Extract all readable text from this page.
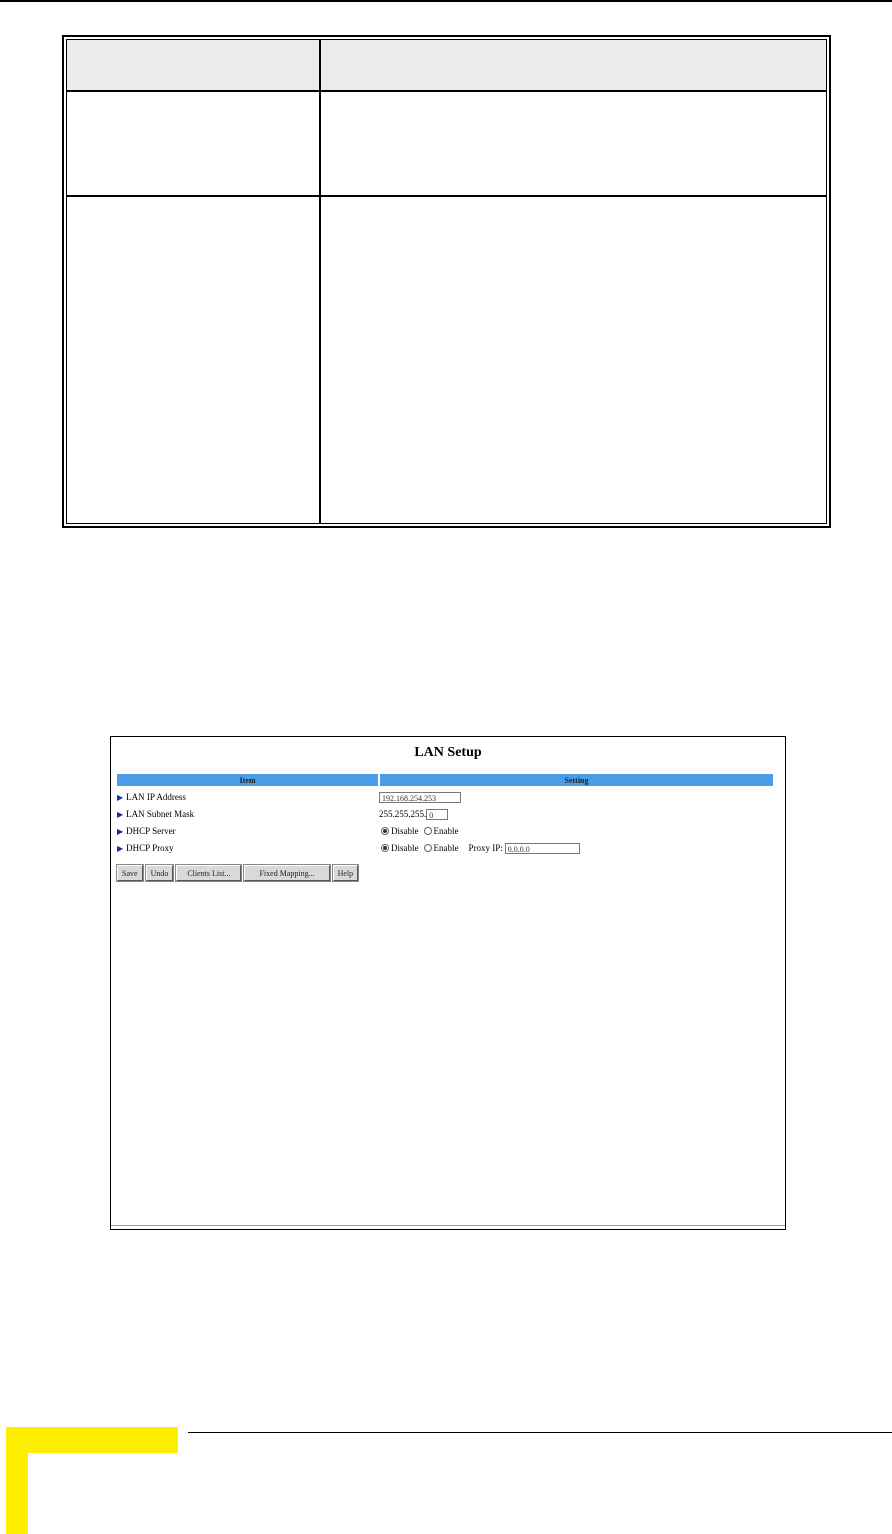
LAN Setup
Item	Setting
▶ LAN IP Address	192.168.254.253
▶ LAN Subnet Mask	255.255.255. 0
▶ DHCP Server	Disable Enable
▶ DHCP Proxy	Disable Enable Proxy IP: 0.0.0.0
Save	Undo	Clients List...	Fixed Mapping...	Help
